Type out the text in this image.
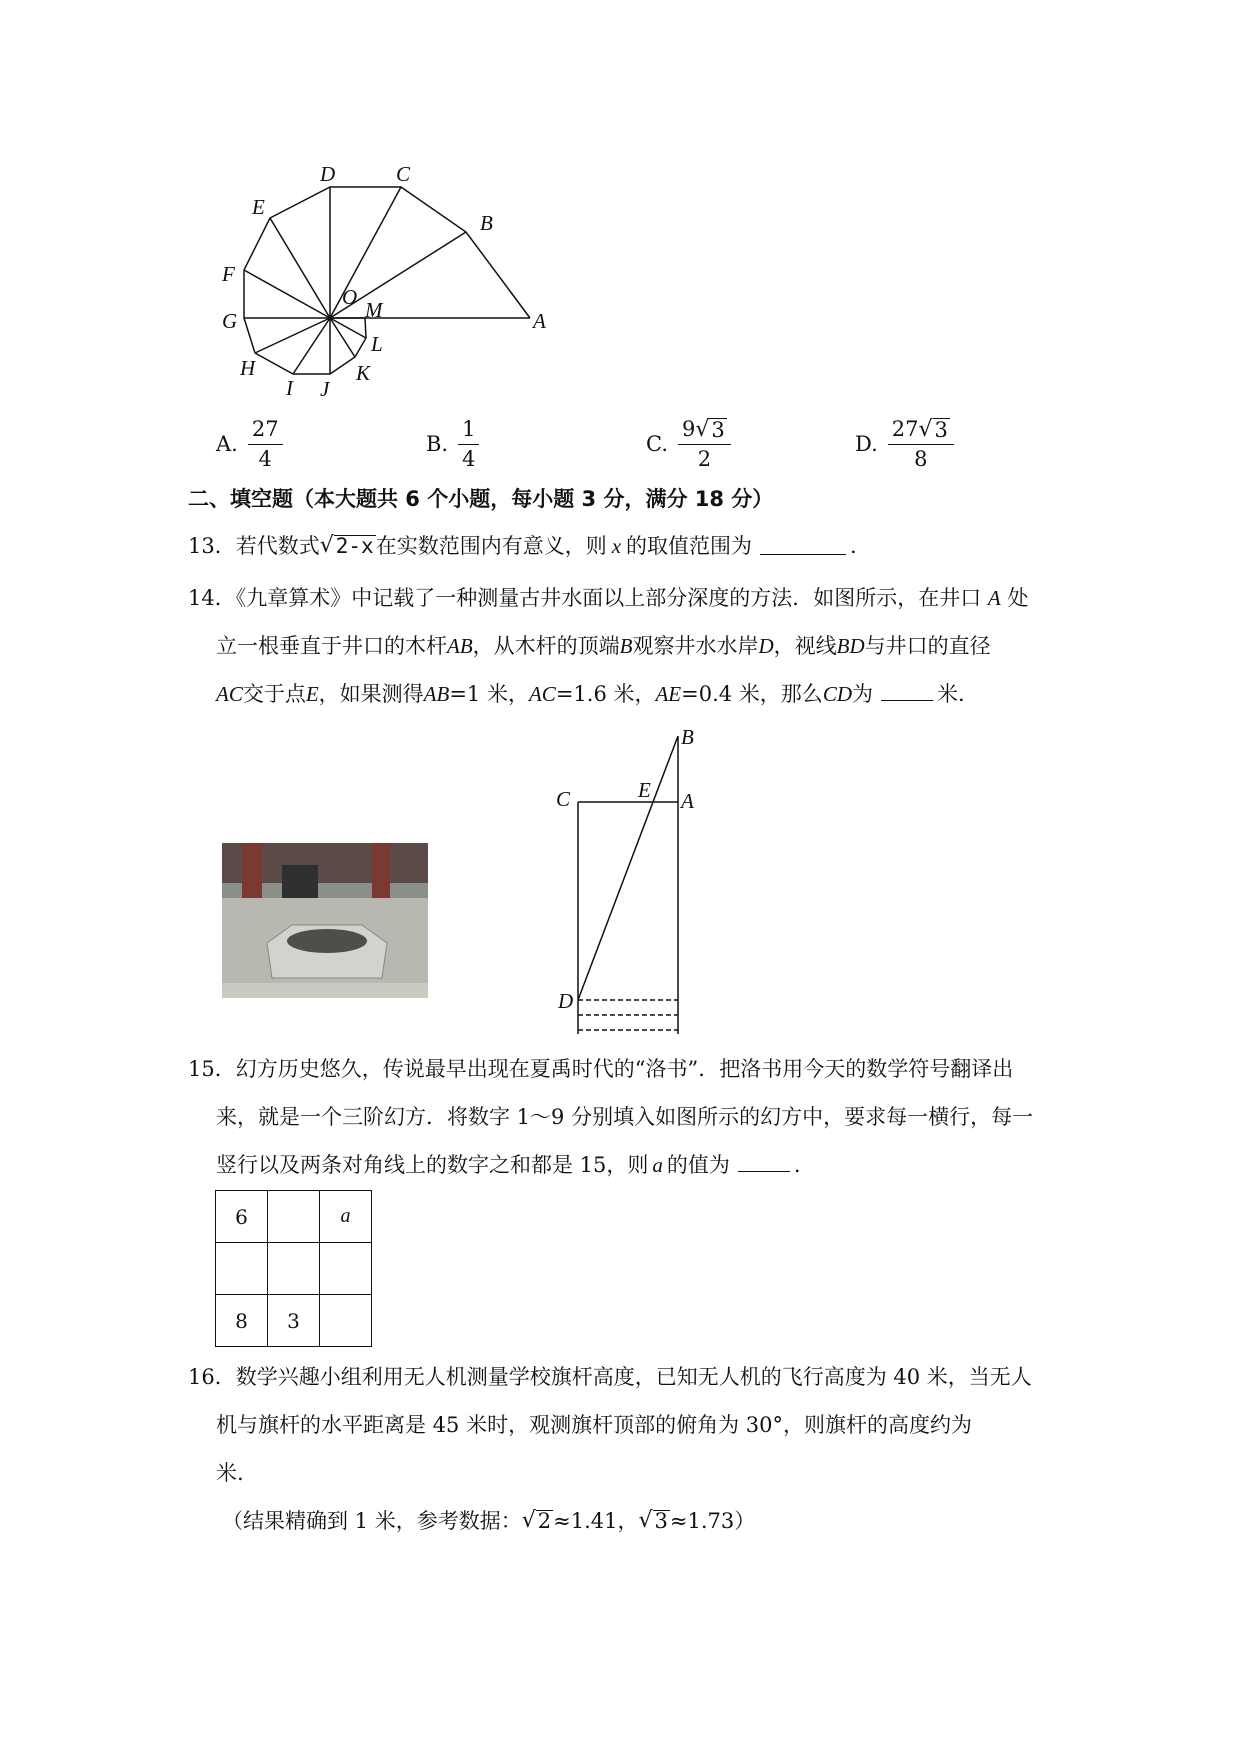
D	C
E
B
F
O
M
G	A
L
H	K
I J
A. $\frac{27}{4}$	B. $\frac{1}{4}$	C. $\frac{9 √ 3}{2}$	D. $\frac{27 √ 3}{8}$
二、填空题（本大题共 6 个小题，每小题 3 分，满分 18 分）
13． 若代数式 √ 2-x 在实数范围内有意义，则 x 的取值范围为	.
14．《九章算术》中记载了一种测量古井水面以上部分深度的方法．如图所示，在井口 A 处
立一根垂直于井口的木杆AB，从木杆的顶端B观察井水水岸D，视线BD与井口的直径
AC交于点E，如果测得AB=1 米，AC=1.6 米，AE=0.4 米，那么CD为	米.
B
C	E A
D
15．幻方历史悠久，传说最早出现在夏禹时代的“洛书”．把洛书用今天的数学符号翻译出
来，就是一个三阶幻方．将数字 1～9 分别填入如图所示的幻方中，要求每一横行，每一
竖行以及两条对角线上的数字之和都是 15，则 a 的值为	.
6		a

8	3	
16．数学兴趣小组利用无人机测量学校旗杆高度，已知无人机的飞行高度为 40 米，当无人
机与旗杆的水平距离是 45 米时，观测旗杆顶部的俯角为 30°，则旗杆的高度约为
米.
（结果精确到 1 米，参考数据： √ 2 ≈1.41， √ 3 ≈1.73）
